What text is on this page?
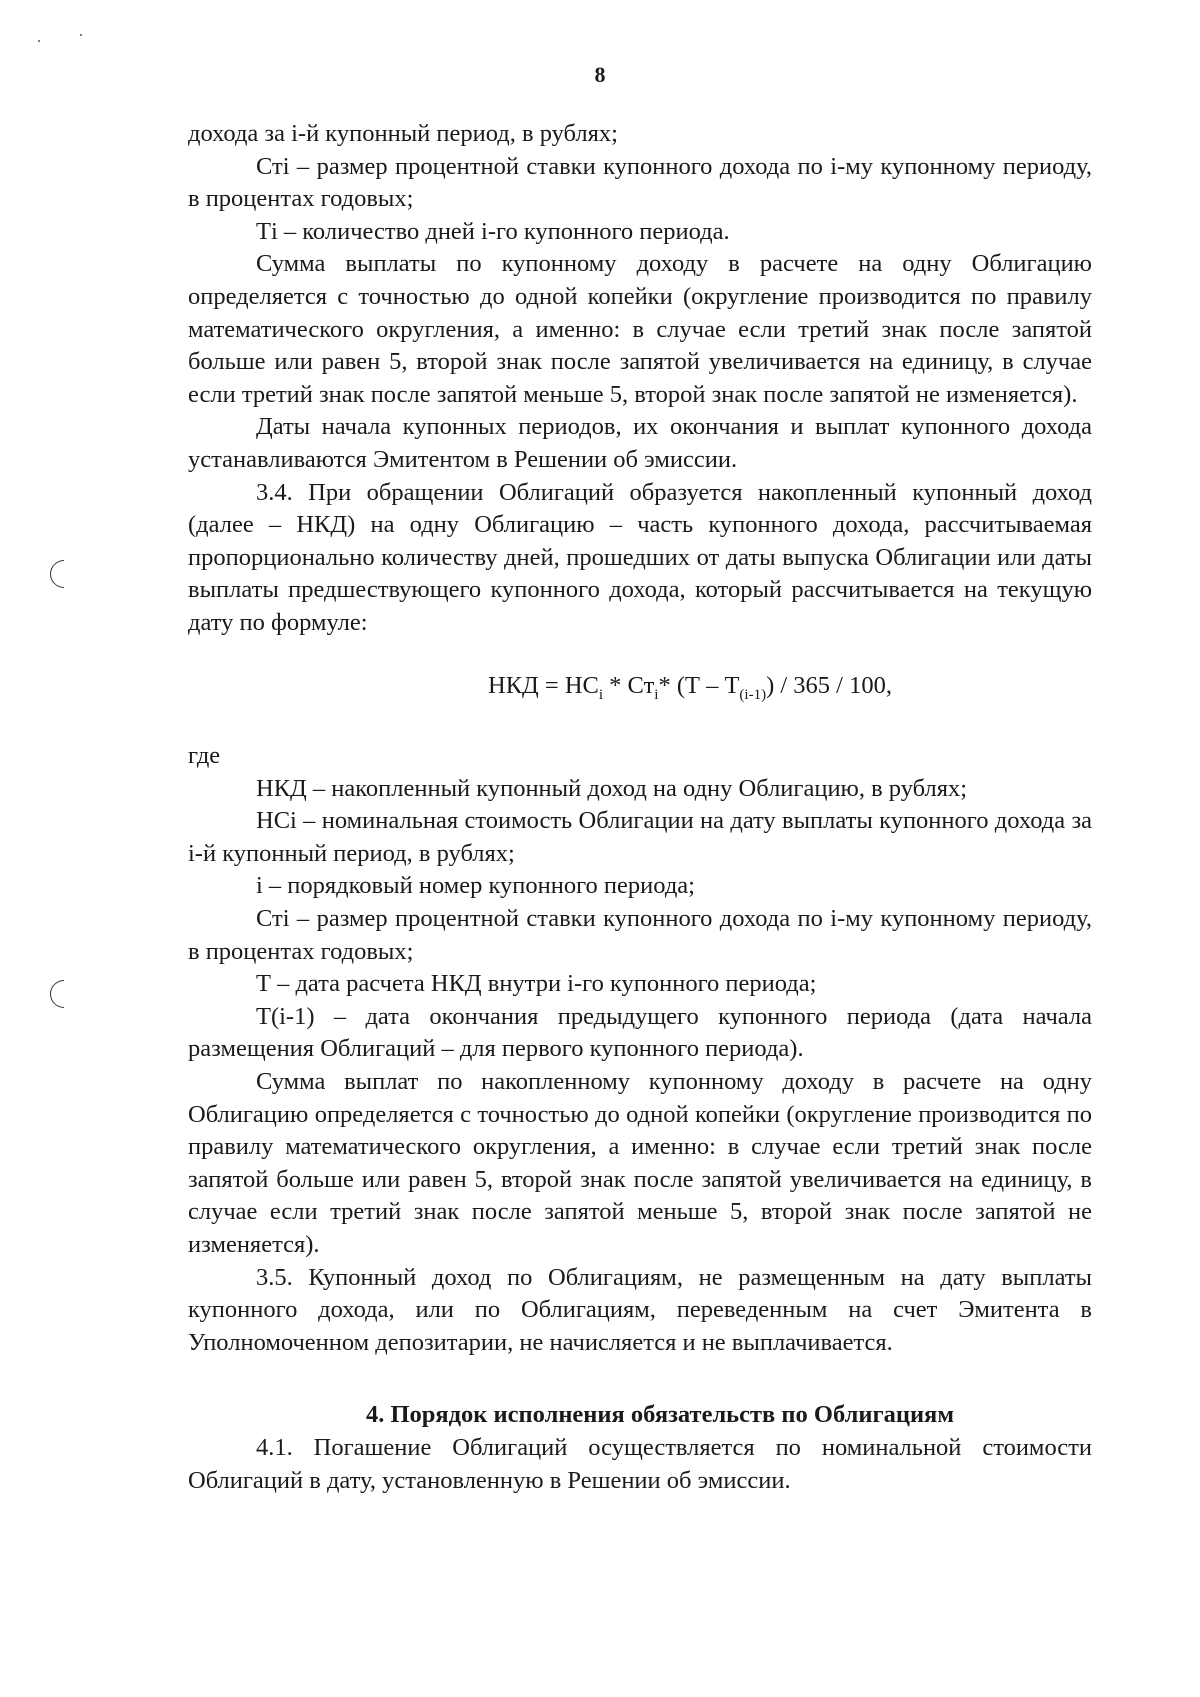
8

дохода за i-й купонный период, в рублях;

Стi – размер процентной ставки купонного дохода по i-му купонному периоду, в процентах годовых;

Тi – количество дней i-го купонного периода.

Сумма выплаты по купонному доходу в расчете на одну Облигацию определяется с точностью до одной копейки (округление производится по правилу математического округления, а именно: в случае если третий знак после запятой больше или равен 5, второй знак после запятой увеличивается на единицу, в случае если третий знак после запятой меньше 5, второй знак после запятой не изменяется).

Даты начала купонных периодов, их окончания и выплат купонного дохода устанавливаются Эмитентом в Решении об эмиссии.

3.4. При обращении Облигаций образуется накопленный купонный доход (далее – НКД) на одну Облигацию – часть купонного дохода, рассчитываемая пропорционально количеству дней, прошедших от даты выпуска Облигации или даты выплаты предшествующего купонного дохода, который рассчитывается на текущую дату по формуле:

НКД = $НС_i * Ст_i*$ $(Т - Т_{(i-1)}) / 365 / 100$,

где

НКД – накопленный купонный доход на одну Облигацию, в рублях;

НСi – номинальная стоимость Облигации на дату выплаты купонного дохода за i-й купонный период, в рублях;

i – порядковый номер купонного периода;

Стi – размер процентной ставки купонного дохода по i-му купонному периоду, в процентах годовых;

Т – дата расчета НКД внутри i-го купонного периода;

Т(i-1) – дата окончания предыдущего купонного периода (дата начала размещения Облигаций – для первого купонного периода).

Сумма выплат по накопленному купонному доходу в расчете на одну Облигацию определяется с точностью до одной копейки (округление производится по правилу математического округления, а именно: в случае если третий знак после запятой больше или равен 5, второй знак после запятой увеличивается на единицу, в случае если третий знак после запятой меньше 5, второй знак после запятой не изменяется).

3.5. Купонный доход по Облигациям, не размещенным на дату выплаты купонного дохода, или по Облигациям, переведенным на счет Эмитента в Уполномоченном депозитарии, не начисляется и не выплачивается.

4. Порядок исполнения обязательств по Облигациям

4.1. Погашение Облигаций осуществляется по номинальной стоимости Облигаций в дату, установленную в Решении об эмиссии.
